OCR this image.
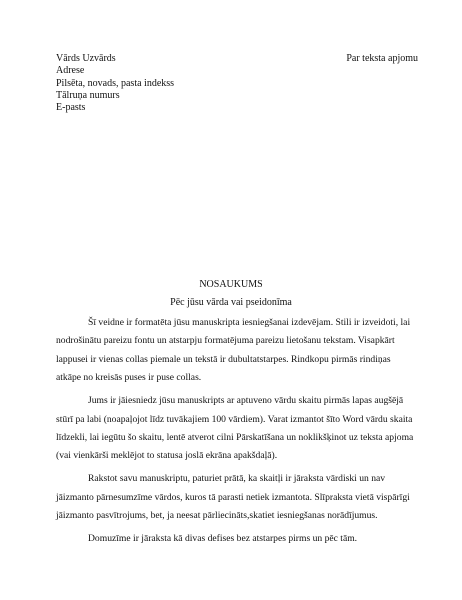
Vārds Uzvārds
Adrese
Pilsēta, novads, pasta indekss
Tālruņa numurs
E-pasts
Par teksta apjomu
NOSAUKUMS
Pēc jūsu vārda vai pseidonīma

Šī veidne ir formatēta jūsu manuskripta iesniegšanai izdevējam. Stili ir izveidoti, lai nodrošinātu pareizu fontu un atstarpju formatējuma pareizu lietošanu tekstam. Visapkārt lappusei ir vienas collas piemale un tekstā ir dubultatstarpes. Rindkopu pirmās rindiņas atkāpe no kreisās puses ir puse collas.

Jums ir jāiesniedz jūsu manuskripts ar aptuveno vārdu skaitu pirmās lapas augšējā stūrī pa labi (noapaļojot līdz tuvākajiem 100 vārdiem). Varat izmantot šīto Word vārdu skaita līdzekli, lai iegūtu šo skaitu, lentē atverot cilni Pārskatīšana un noklikšķinot uz teksta apjoma (vai vienkārši meklējot to statusa joslā ekrāna apakšdaļā).

Rakstot savu manuskriptu, paturiet prātā, ka skaitļi ir jāraksta vārdiski un nav jāizmanto pārnesumzīme vārdos, kuros tā parasti netiek izmantota. Slīpraksta vietā vispārīgi jāizmanto pasvītrojums, bet, ja neesat pārliecināts,skatiet iesniegšanas norādījumus.

Domuzīme ir jāraksta kā divas defises bez atstarpes pirms un pēc tām.
